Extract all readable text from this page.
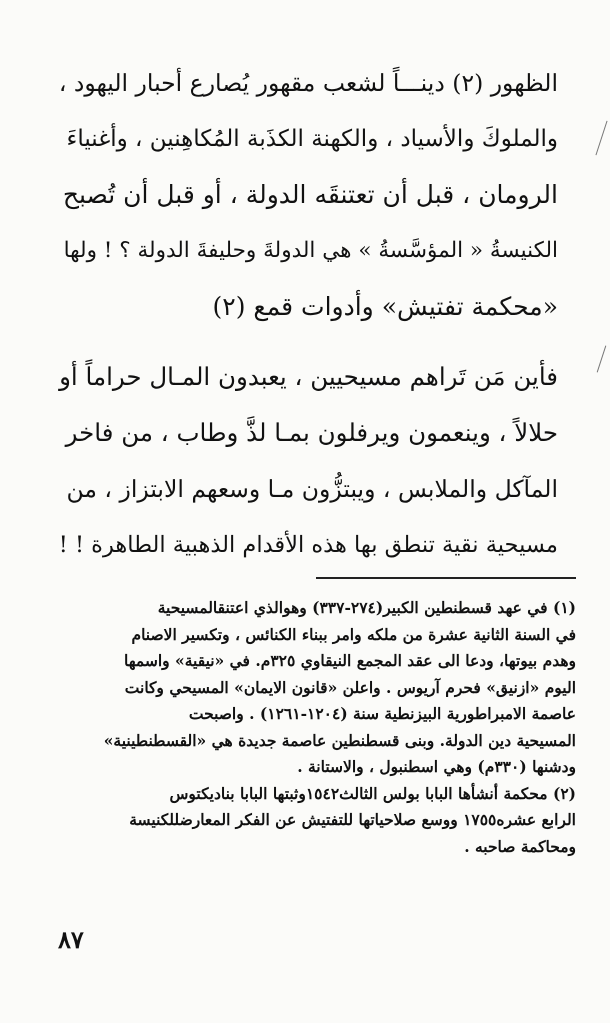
الظهور (٢) دينـــاً لشعب مقهور يُصارع أحبار اليهود ،
والملوكَ والأسياد ، والكهنة الكذَبة المُكاهِنين ، وأغنياءَ
الرومان ، قبل أن تعتنقَه الدولة ، أو قبل أن تُصبح
الكنيسةُ « المؤسَّسةُ » هي الدولةَ وحليفةَ الدولة ؟ ! ولها
«محكمة تفتيش» وأدوات قمع (٢)
فأين مَن تَراهم مسيحيين ، يعبدون المـال حراماً أو
حلالاً ، وينعمون ويرفلون بمـا لذَّ وطاب ، من فاخر
المآكل والملابس ، ويبتزُّون مـا وسعهم الابتزاز ، من
مسيحية نقية تنطق بها هذه الأقدام الذهبية الطاهرة ! !
(١) في عهد قسطنطين الكبير(٢٧٤-٣٣٧) وهوالذي اعتنقالمسيحية
في السنة الثانية عشرة من ملكه وامر ببناء الكنائس ، وتكسير الاصنام
وهدم بيوتها، ودعا الى عقد المجمع النيقاوي ٣٢٥م. في «نيقية» واسمها
اليوم «ازنيق» فحرم آريوس . واعلن «قانون الايمان» المسيحي وكانت
عاصمة الامبراطورية البيزنطية سنة (١٢٠٤-١٢٦١) . واصبحت
المسيحية دين الدولة. وبنى قسطنطين عاصمة جديدة هي «القسطنطينية»
ودشنها (٣٣٠م) وهي اسطنبول ، والاستانة .
(٢) محكمة أنشأها البابا بولس الثالث١٥٤٢وثبتها البابا بناديكتوس
الرابع عشره١٧٥٥ ووسع صلاحياتها للتفتيش عن الفكر المعارضللكنيسة
ومحاكمة صاحبه .
٨٧
